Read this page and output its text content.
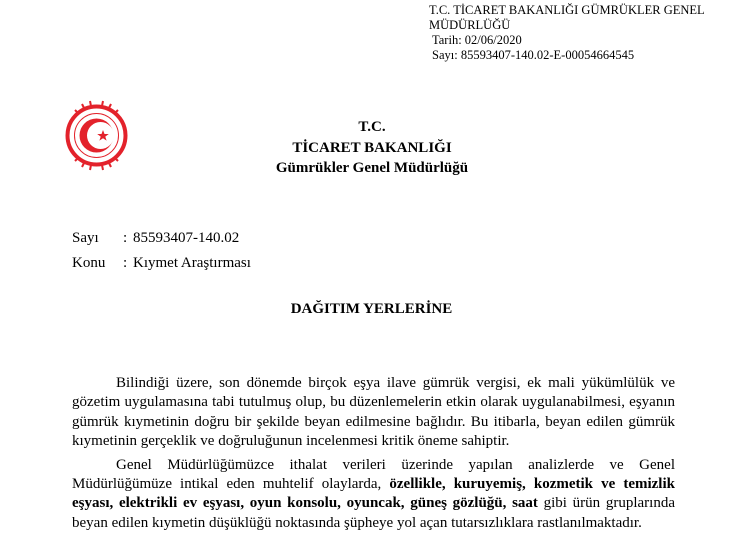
T.C. TİCARET BAKANLIĞI GÜMRÜKLER GENEL
MÜDÜRLÜĞÜ
Tarih: 02/06/2020
Sayı: 85593407-140.02-E-00054664545
T.C.
TİCARET BAKANLIĞI
Gümrükler Genel Müdürlüğü
Sayı : 85593407-140.02
Konu : Kıymet Araştırması
DAĞITIM YERLERİNE

Bilindiği üzere, son dönemde birçok eşya ilave gümrük vergisi, ek mali yükümlülük ve gözetim uygulamasına tabi tutulmuş olup, bu düzenlemelerin etkin olarak uygulanabilmesi, eşyanın gümrük kıymetinin doğru bir şekilde beyan edilmesine bağlıdır. Bu itibarla, beyan edilen gümrük kıymetinin gerçeklik ve doğruluğunun incelenmesi kritik öneme sahiptir.

Genel Müdürlüğümüzce ithalat verileri üzerinde yapılan analizlerde ve Genel Müdürlüğümüze intikal eden muhtelif olaylarda, özellikle, kuruyemiş, kozmetik ve temizlik eşyası, elektrikli ev eşyası, oyun konsolu, oyuncak, güneş gözlüğü, saat gibi ürün gruplarında beyan edilen kıymetin düşüklüğü noktasında şüpheye yol açan tutarsızlıklara rastlanılmaktadır.
